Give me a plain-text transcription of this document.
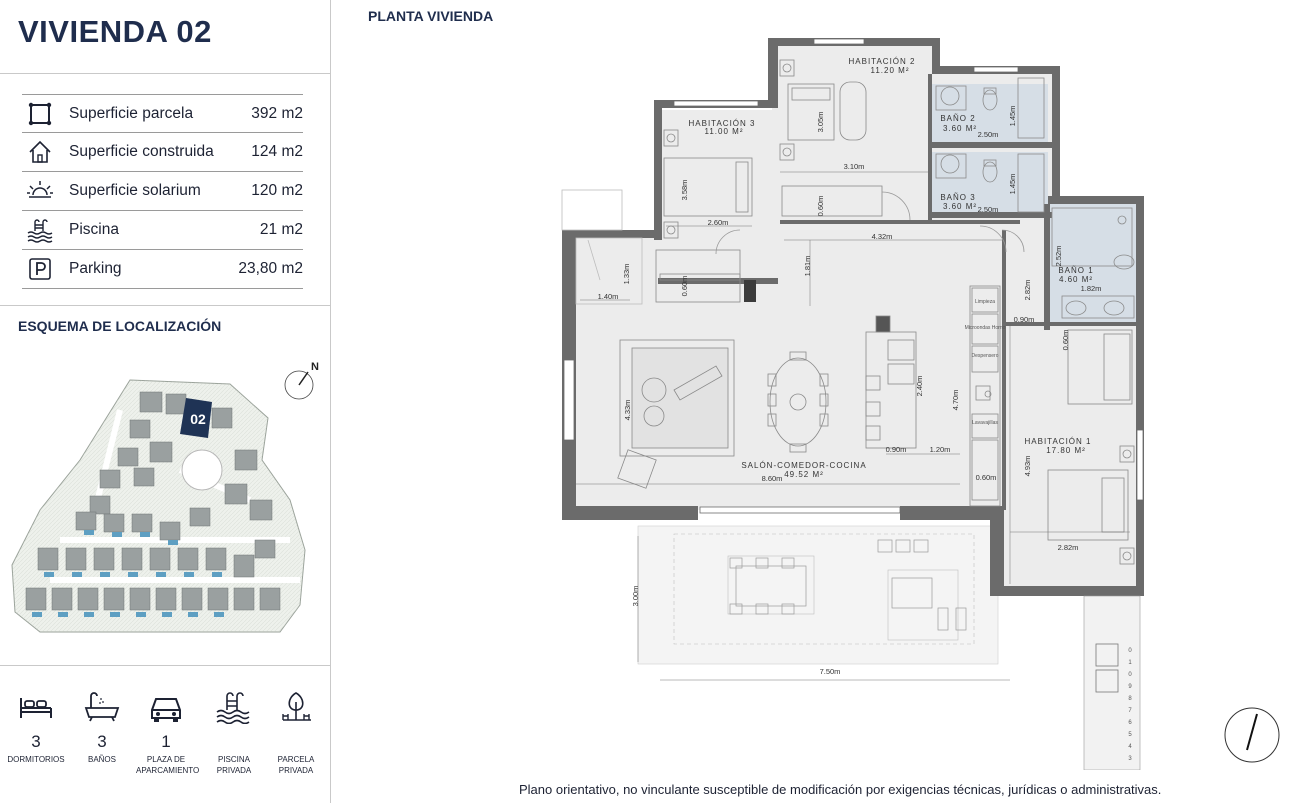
VIVIENDA 02
Superficie parcela	392 m2
Superficie construida	124 m2
Superficie solarium	120 m2
Piscina	21 m2
Parking	23,80 m2
ESQUEMA DE LOCALIZACIÓN
02
N
3
DORMITORIOS
3
BAÑOS
1
PLAZA DE APARCAMIENTO
PISCINA PRIVADA
PARCELA PRIVADA
PLANTA VIVIENDA
0
1
0
9
8
7
6
5
4
3
HABITACIÓN 2
11.20 M²
HABITACIÓN 3
11.00 M²
BAÑO 2
3.60 M²
BAÑO 3
3.60 M²
BAÑO 1
4.60 M²
SALÓN-COMEDOR-COCINA
49.52 M²
HABITACIÓN 1
17.80 M²
3.05m
3.10m
2.50m
1.45m
2.50m
1.45m
3.58m
2.60m
0.60m
4.32m
1.81m	2.52m
1.82m
1.33m
1.40m
0.60m	2.82m
0.90m
0.60m
4.33m
2.40m
4.70m
0.90m	1.20m
8.60m	0.60m
4.93m
2.82m
3.00m
7.50m
Limpieza
Microondas Horno
Despensero
Lavavajillas
Plano orientativo, no vinculante susceptible de modificación por exigencias técnicas, jurídicas o administrativas.
